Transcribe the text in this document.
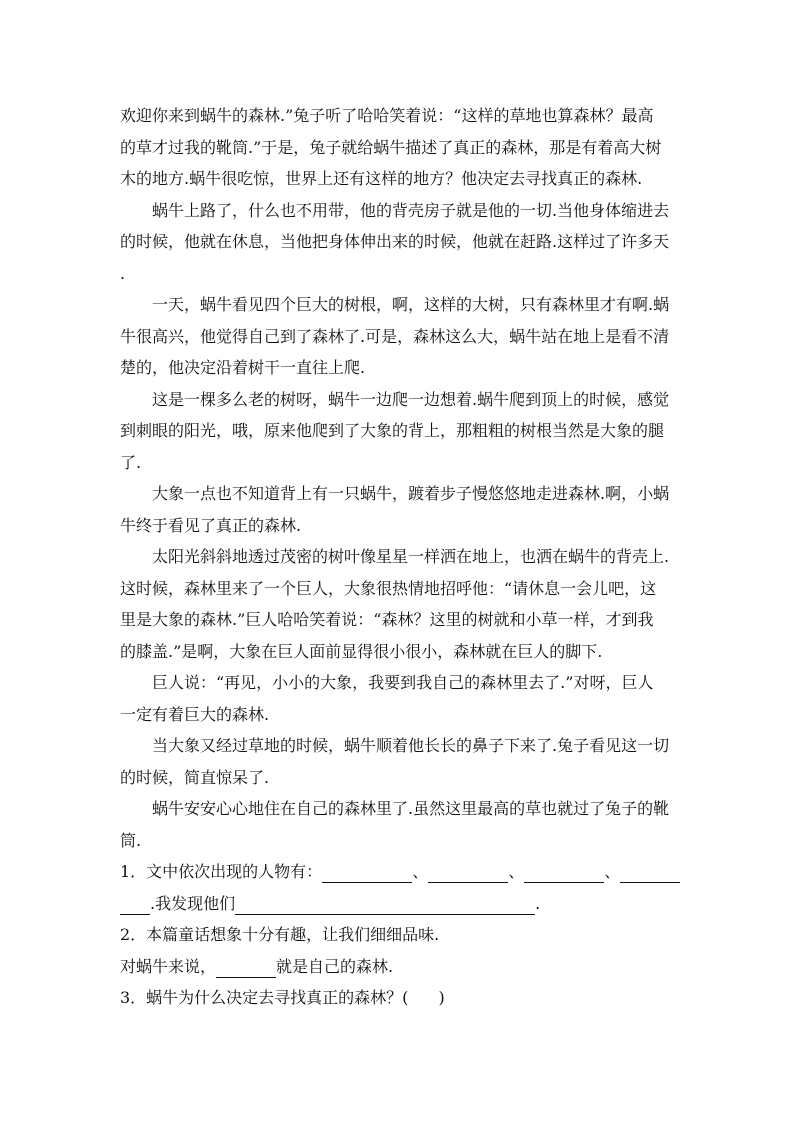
欢迎你来到蜗牛的森林.”兔子听了哈哈笑着说：“这样的草地也算森林？最高
的草才过我的靴筒.”于是，兔子就给蜗牛描述了真正的森林，那是有着高大树
木的地方.蜗牛很吃惊，世界上还有这样的地方？他决定去寻找真正的森林.
蜗牛上路了，什么也不用带，他的背壳房子就是他的一切.当他身体缩进去
的时候，他就在休息，当他把身体伸出来的时候，他就在赶路.这样过了许多天
.
一天，蜗牛看见四个巨大的树根，啊，这样的大树，只有森林里才有啊.蜗
牛很高兴，他觉得自己到了森林了.可是，森林这么大，蜗牛站在地上是看不清
楚的，他决定沿着树干一直往上爬.
这是一棵多么老的树呀，蜗牛一边爬一边想着.蜗牛爬到顶上的时候，感觉
到刺眼的阳光，哦，原来他爬到了大象的背上，那粗粗的树根当然是大象的腿
了.
大象一点也不知道背上有一只蜗牛，踱着步子慢悠悠地走进森林.啊，小蜗
牛终于看见了真正的森林.
太阳光斜斜地透过茂密的树叶像星星一样洒在地上，也洒在蜗牛的背壳上.
这时候，森林里来了一个巨人，大象很热情地招呼他：“请休息一会儿吧，这
里是大象的森林.”巨人哈哈笑着说：“森林？这里的树就和小草一样，才到我
的膝盖.”是啊，大象在巨人面前显得很小很小，森林就在巨人的脚下.
巨人说：“再见，小小的大象，我要到我自己的森林里去了.”对呀，巨人
一定有着巨大的森林.
当大象又经过草地的时候，蜗牛顺着他长长的鼻子下来了.兔子看见这一切
的时候，简直惊呆了.
蜗牛安安心心地住在自己的森林里了.虽然这里最高的草也就过了兔子的靴
筒.
1．文中依次出现的人物有：	、	、	、
.我发现他们	.
2．本篇童话想象十分有趣，让我们细细品味.
对蜗牛来说，	就是自己的森林.
3．蜗牛为什么决定去寻找真正的森林？( )
